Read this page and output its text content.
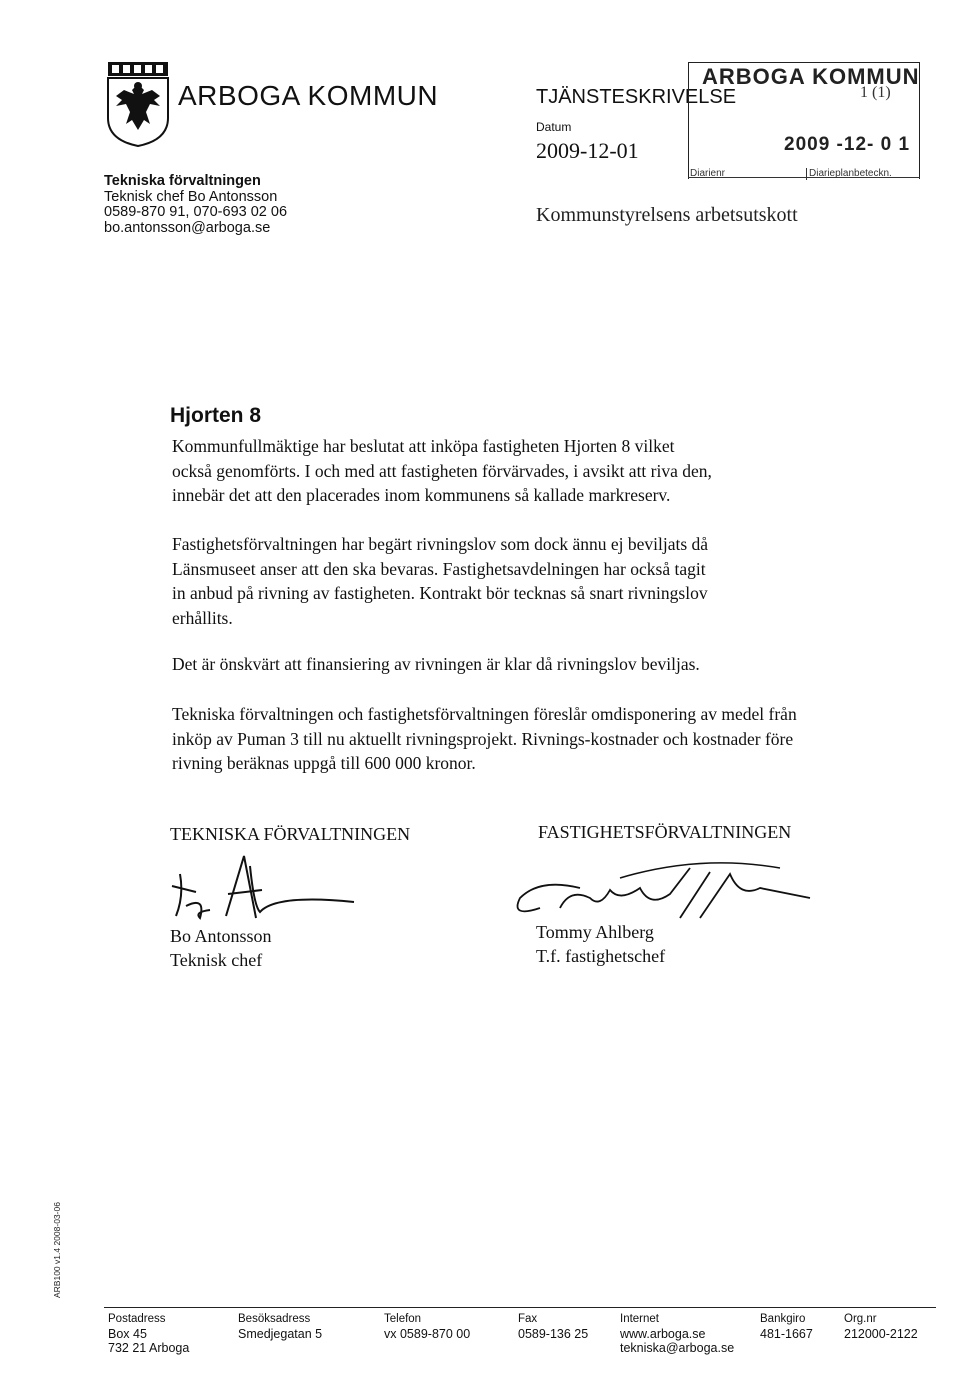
ARBOGA KOMMUN
Tekniska förvaltningen
Teknisk chef Bo Antonsson
0589-870 91, 070-693 02 06
bo.antonsson@arboga.se
TJÄNSTESKRIVELSE
Datum
2009-12-01
Kommunstyrelsens arbetsutskott
ARBOGA KOMMUN
1 (1)
2009 -12- 0 1
Diarienr	Diarieplanbeteckn.
Hjorten 8
Kommunfullmäktige har beslutat att inköpa fastigheten Hjorten 8 vilket också genomförts. I och med att fastigheten förvärvades, i avsikt att riva den, innebär det att den placerades inom kommunens så kallade markreserv.
Fastighetsförvaltningen har begärt rivningslov som dock ännu ej beviljats då Länsmuseet anser att den ska bevaras. Fastighetsavdelningen har också tagit in anbud på rivning av fastigheten. Kontrakt bör tecknas så snart rivningslov erhållits.
Det är önskvärt att finansiering av rivningen är klar då rivningslov beviljas.
Tekniska förvaltningen och fastighetsförvaltningen föreslår omdisponering av medel från inköp av Puman 3 till nu aktuellt rivningsprojekt. Rivnings-kostnader och kostnader före rivning beräknas uppgå till 600 000 kronor.
TEKNISKA FÖRVALTNINGEN	FASTIGHETSFÖRVALTNINGEN
Bo Antonsson
Teknisk chef
Tommy Ahlberg
T.f. fastighetschef
ARB100 v1.4 2008-03-06
Postadress
Box 45
732 21 Arboga
Besöksadress
Smedjegatan 5
Telefon
vx 0589-870 00
Fax
0589-136 25
Internet
www.arboga.se
tekniska@arboga.se
Bankgiro
481-1667
Org.nr
212000-2122
